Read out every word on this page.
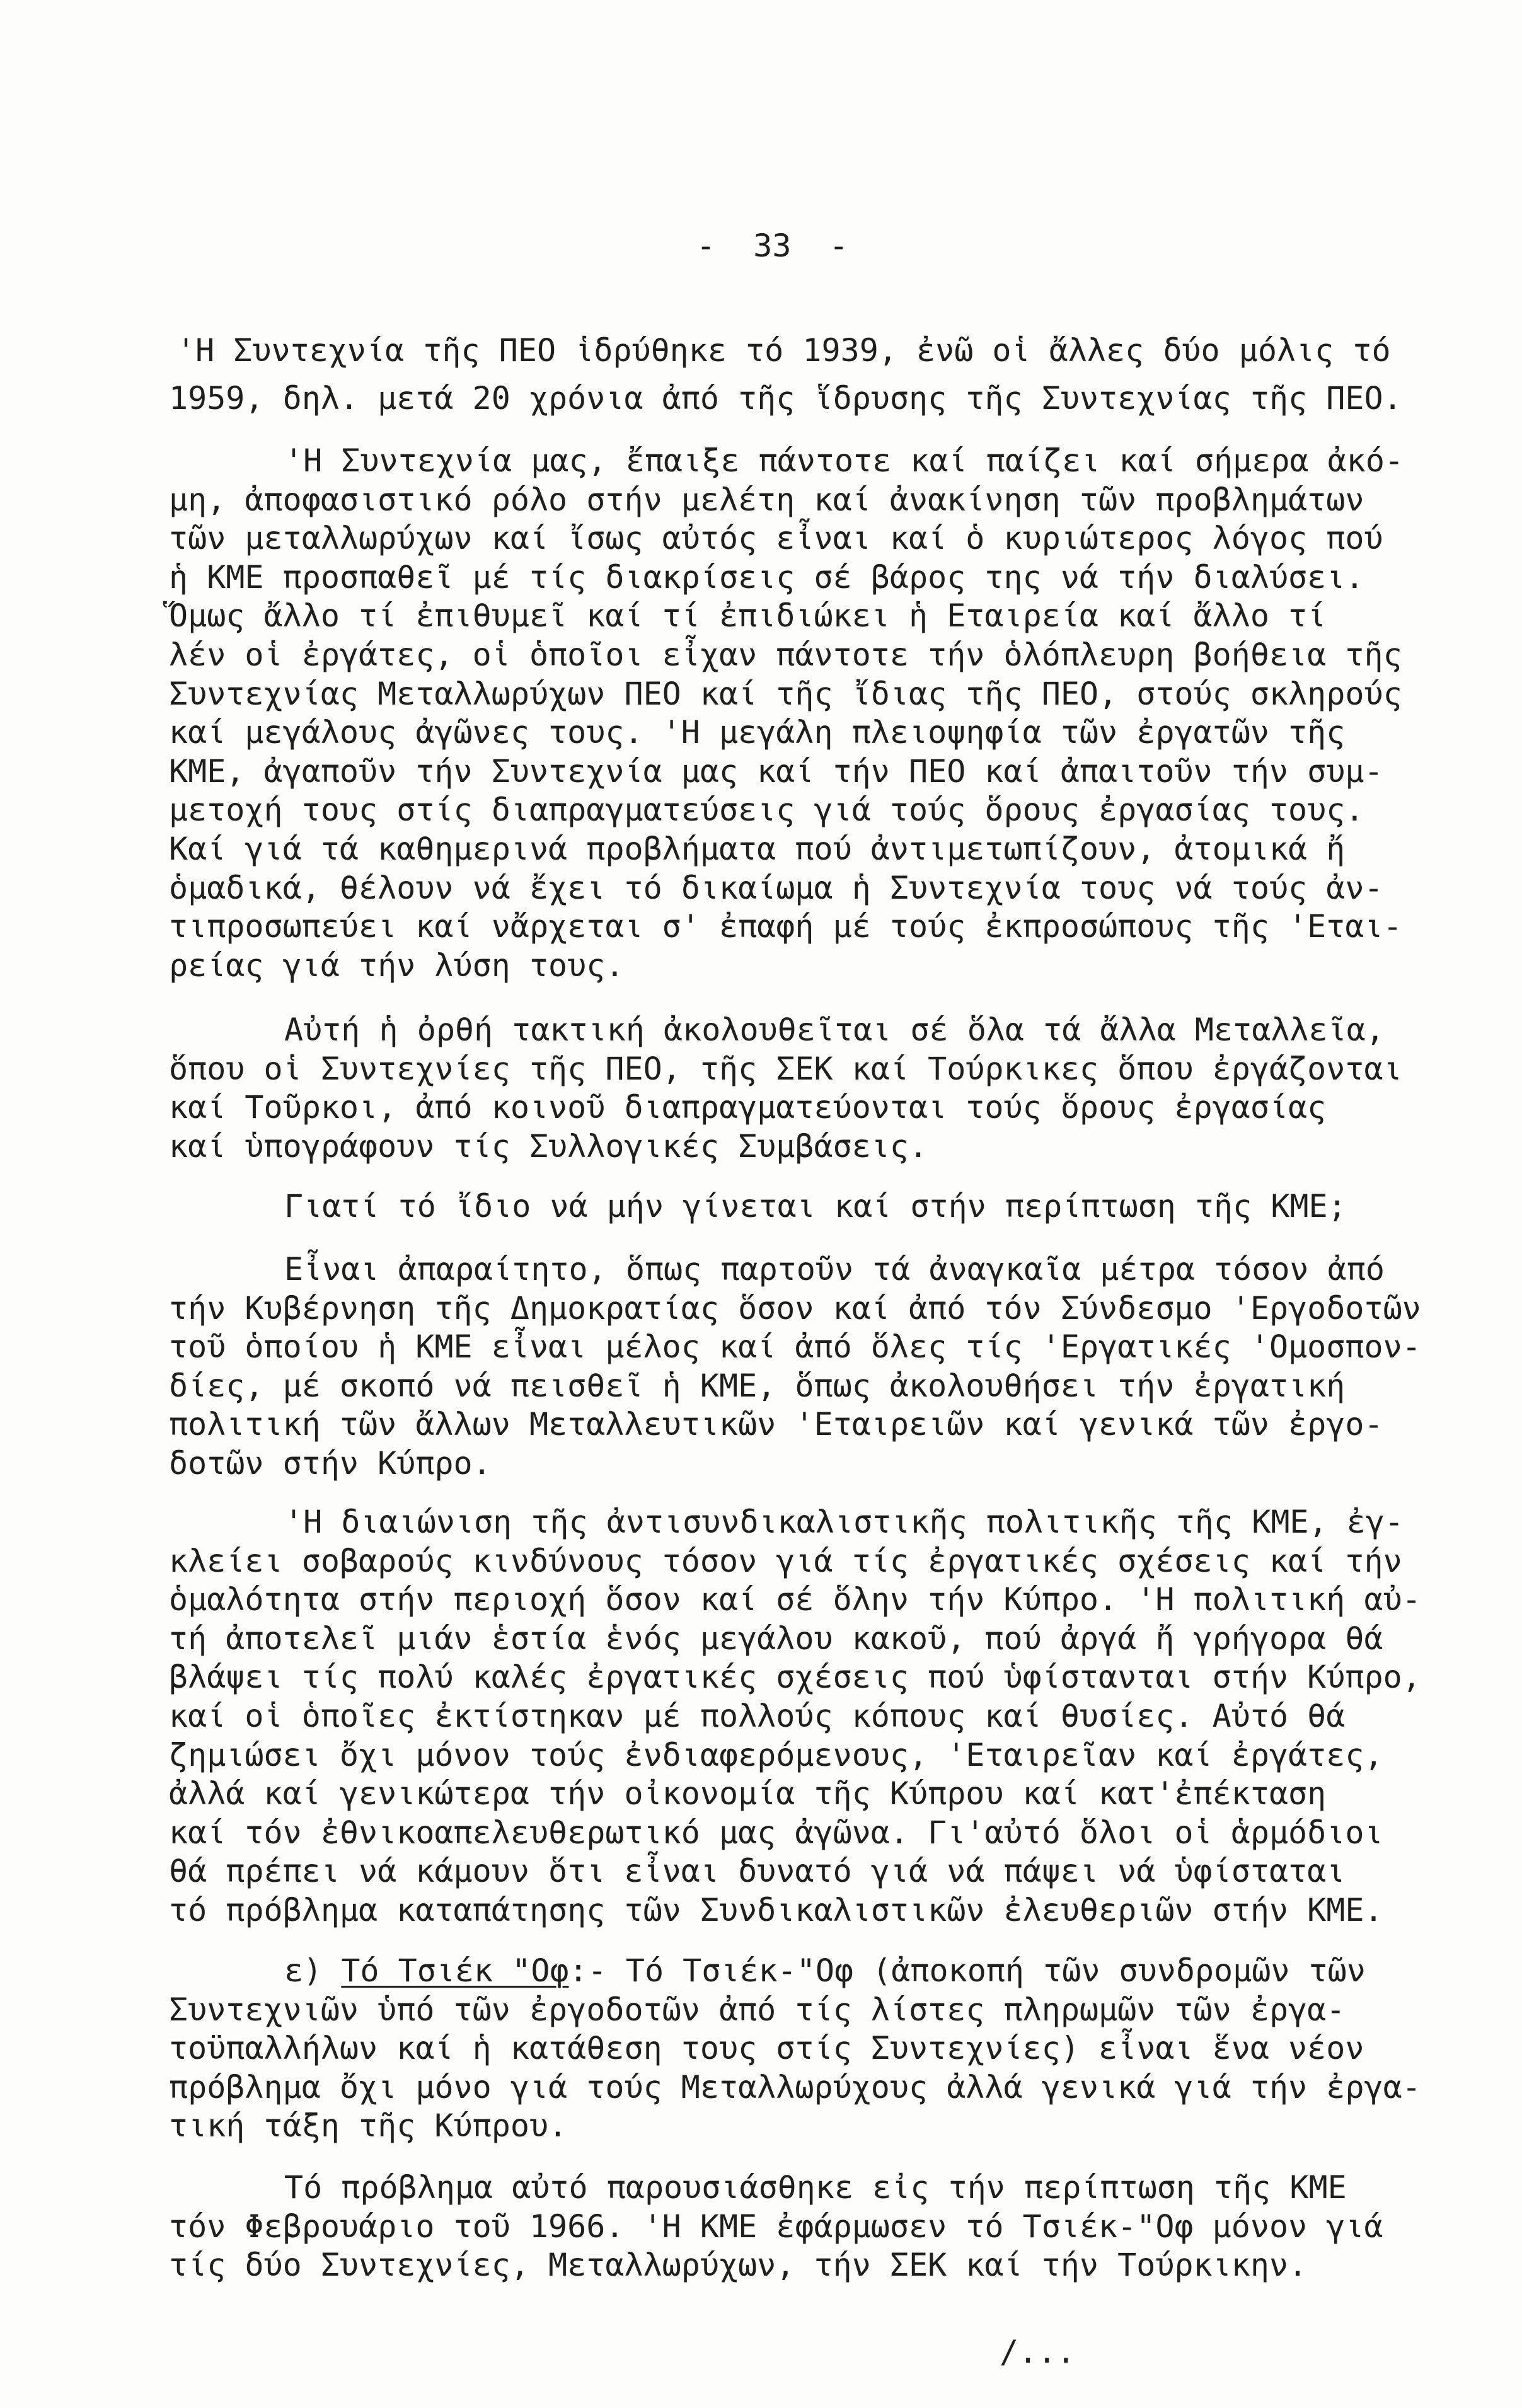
-  33  -
'Η Συντεχνία τῆς ΠΕΟ ἱδρύθηκε τό 1939, ἐνῶ οἱ ἄλλες δύο μόλις τό
1959, δηλ. μετά 20 χρόνια ἀπό τῆς ἵδρυσης τῆς Συντεχνίας τῆς ΠΕΟ.
'Η Συντεχνία μας, ἔπαιξε πάντοτε καί παίζει καί σήμερα ἀκό-
μη, ἀποφασιστικό ρόλο στήν μελέτη καί ἀνακίνηση τῶν προβλημάτων
τῶν μεταλλωρύχων καί ἴσως αὐτός εἶναι καί ὁ κυριώτερος λόγος πού
ἡ ΚΜΕ προσπαθεῖ μέ τίς διακρίσεις σέ βάρος της νά τήν διαλύσει.
Ὅμως ἄλλο τί ἐπιθυμεῖ καί τί ἐπιδιώκει ἡ Εταιρεία καί ἄλλο τί
λέν οἱ ἐργάτες, οἱ ὁποῖοι εἶχαν πάντοτε τήν ὁλόπλευρη βοήθεια τῆς
Συντεχνίας Μεταλλωρύχων ΠΕΟ καί τῆς ἴδιας τῆς ΠΕΟ, στούς σκληρούς
καί μεγάλους ἀγῶνες τους. 'Η μεγάλη πλειοψηφία τῶν ἐργατῶν τῆς
ΚΜΕ, ἀγαποῦν τήν Συντεχνία μας καί τήν ΠΕΟ καί ἀπαιτοῦν τήν συμ-
μετοχή τους στίς διαπραγματεύσεις γιά τούς ὅρους ἐργασίας τους.
Καί γιά τά καθημερινά προβλήματα πού ἀντιμετωπίζουν, ἀτομικά ἤ
ὁμαδικά, θέλουν νά ἔχει τό δικαίωμα ἡ Συντεχνία τους νά τούς ἀν-
τιπροσωπεύει καί νἄρχεται σ' ἐπαφή μέ τούς ἐκπροσώπους τῆς 'Εται-
ρείας γιά τήν λύση τους.
Αὐτή ἡ ὀρθή τακτική ἀκολουθεῖται σέ ὅλα τά ἄλλα Μεταλλεῖα,
ὅπου οἱ Συντεχνίες τῆς ΠΕΟ, τῆς ΣΕΚ καί Τούρκικες ὅπου ἐργάζονται
καί Τοῦρκοι, ἀπό κοινοῦ διαπραγματεύονται τούς ὅρους ἐργασίας
καί ὑπογράφουν τίς Συλλογικές Συμβάσεις.
Γιατί τό ἴδιο νά μήν γίνεται καί στήν περίπτωση τῆς ΚΜΕ;
Εἶναι ἀπαραίτητο, ὅπως παρτοῦν τά ἀναγκαῖα μέτρα τόσον ἀπό
τήν Κυβέρνηση τῆς Δημοκρατίας ὅσον καί ἀπό τόν Σύνδεσμο 'Εργοδοτῶν
τοῦ ὁποίου ἡ ΚΜΕ εἶναι μέλος καί ἀπό ὅλες τίς 'Εργατικές 'Ομοσπον-
δίες, μέ σκοπό νά πεισθεῖ ἡ ΚΜΕ, ὅπως ἀκολουθήσει τήν ἐργατική
πολιτική τῶν ἄλλων Μεταλλευτικῶν 'Εταιρειῶν καί γενικά τῶν ἐργο-
δοτῶν στήν Κύπρο.
'Η διαιώνιση τῆς ἀντισυνδικαλιστικῆς πολιτικῆς τῆς ΚΜΕ, ἐγ-
κλείει σοβαρούς κινδύνους τόσον γιά τίς ἐργατικές σχέσεις καί τήν
ὁμαλότητα στήν περιοχή ὅσον καί σέ ὅλην τήν Κύπρο. 'Η πολιτική αὐ-
τή ἀποτελεῖ μιάν ἑστία ἑνός μεγάλου κακοῦ, πού ἀργά ἤ γρήγορα θά
βλάψει τίς πολύ καλές ἐργατικές σχέσεις πού ὑφίστανται στήν Κύπρο,
καί οἱ ὁποῖες ἐκτίστηκαν μέ πολλούς κόπους καί θυσίες. Αὐτό θά
ζημιώσει ὄχι μόνον τούς ἐνδιαφερόμενους, 'Εταιρεῖαν καί ἐργάτες,
ἀλλά καί γενικώτερα τήν οἰκονομία τῆς Κύπρου καί κατ'ἐπέκταση
καί τόν ἐθνικοαπελευθερωτικό μας ἀγῶνα. Γι'αὐτό ὅλοι οἱ ἁρμόδιοι
θά πρέπει νά κάμουν ὅτι εἶναι δυνατό γιά νά πάψει νά ὑφίσταται
τό πρόβλημα καταπάτησης τῶν Συνδικαλιστικῶν ἐλευθεριῶν στήν ΚΜΕ.
ε) Τό Τσιέκ "Οφ:- Τό Τσιέκ-"Οφ (ἀποκοπή τῶν συνδρομῶν τῶν
Συντεχνιῶν ὑπό τῶν ἐργοδοτῶν ἀπό τίς λίστες πληρωμῶν τῶν ἐργα-
τοϋπαλλήλων καί ἡ κατάθεση τους στίς Συντεχνίες) εἶναι ἕνα νέον
πρόβλημα ὄχι μόνο γιά τούς Μεταλλωρύχους ἀλλά γενικά γιά τήν ἐργα-
τική τάξη τῆς Κύπρου.
Τό πρόβλημα αὐτό παρουσιάσθηκε εἰς τήν περίπτωση τῆς ΚΜΕ
τόν Φεβρουάριο τοῦ 1966. 'Η ΚΜΕ ἐφάρμωσεν τό Τσιέκ-"Οφ μόνον γιά
τίς δύο Συντεχνίες, Μεταλλωρύχων, τήν ΣΕΚ καί τήν Τούρκικην.
/...
